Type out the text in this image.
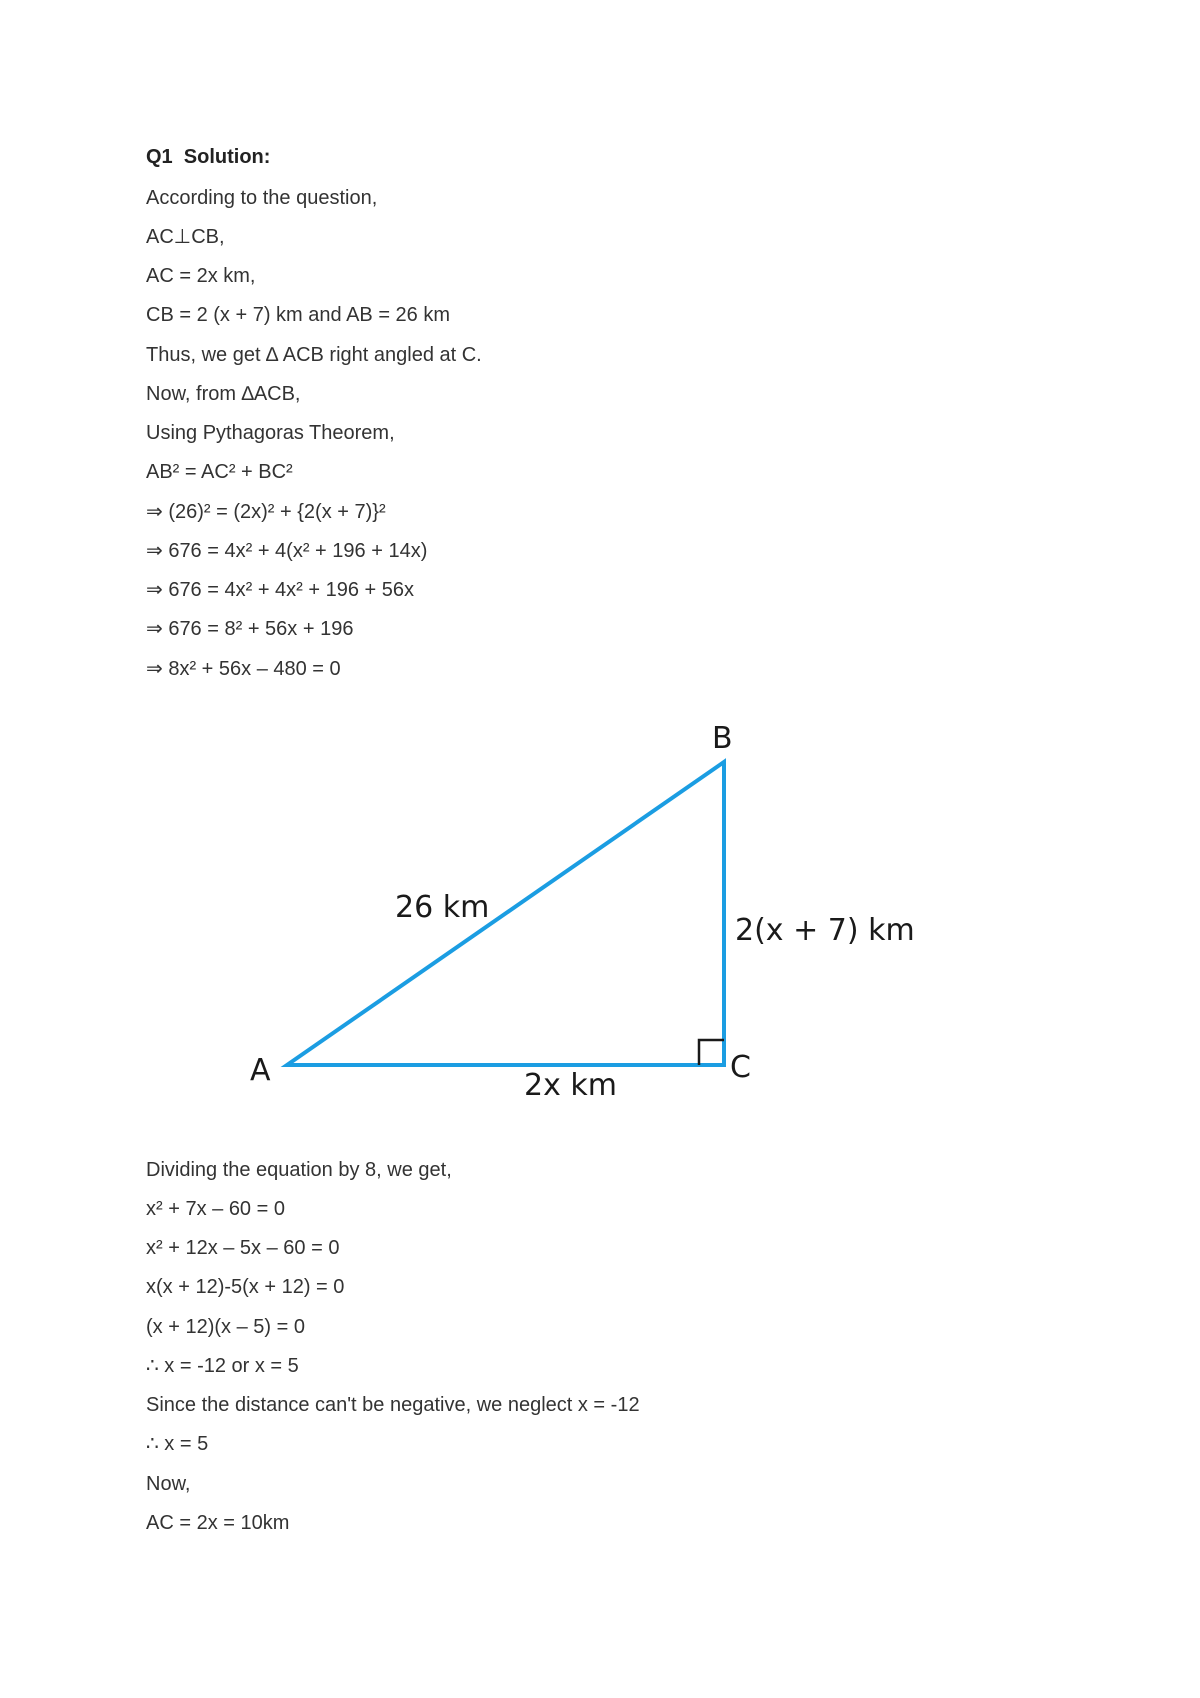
Q1  Solution:
According to the question,
AC⊥CB,
AC = 2x km,
CB = 2 (x + 7) km and AB = 26 km
Thus, we get ∆ ACB right angled at C.
Now, from ∆ACB,
Using Pythagoras Theorem,
AB² = AC² + BC²
⇒ (26)² = (2x)² + {2(x + 7)}²
⇒ 676 = 4x² + 4(x² + 196 + 14x)
⇒ 676 = 4x² + 4x² + 196 + 56x
⇒ 676 = 8² + 56x + 196
⇒ 8x² + 56x – 480 = 0
A
B
C
26 km
2(x + 7) km
2x km
Dividing the equation by 8, we get,
x² + 7x – 60 = 0
x² + 12x – 5x – 60 = 0
x(x + 12)-5(x + 12) = 0
(x + 12)(x – 5) = 0
∴ x = -12 or x = 5
Since the distance can't be negative, we neglect x = -12
∴ x = 5
Now,
AC = 2x = 10km
